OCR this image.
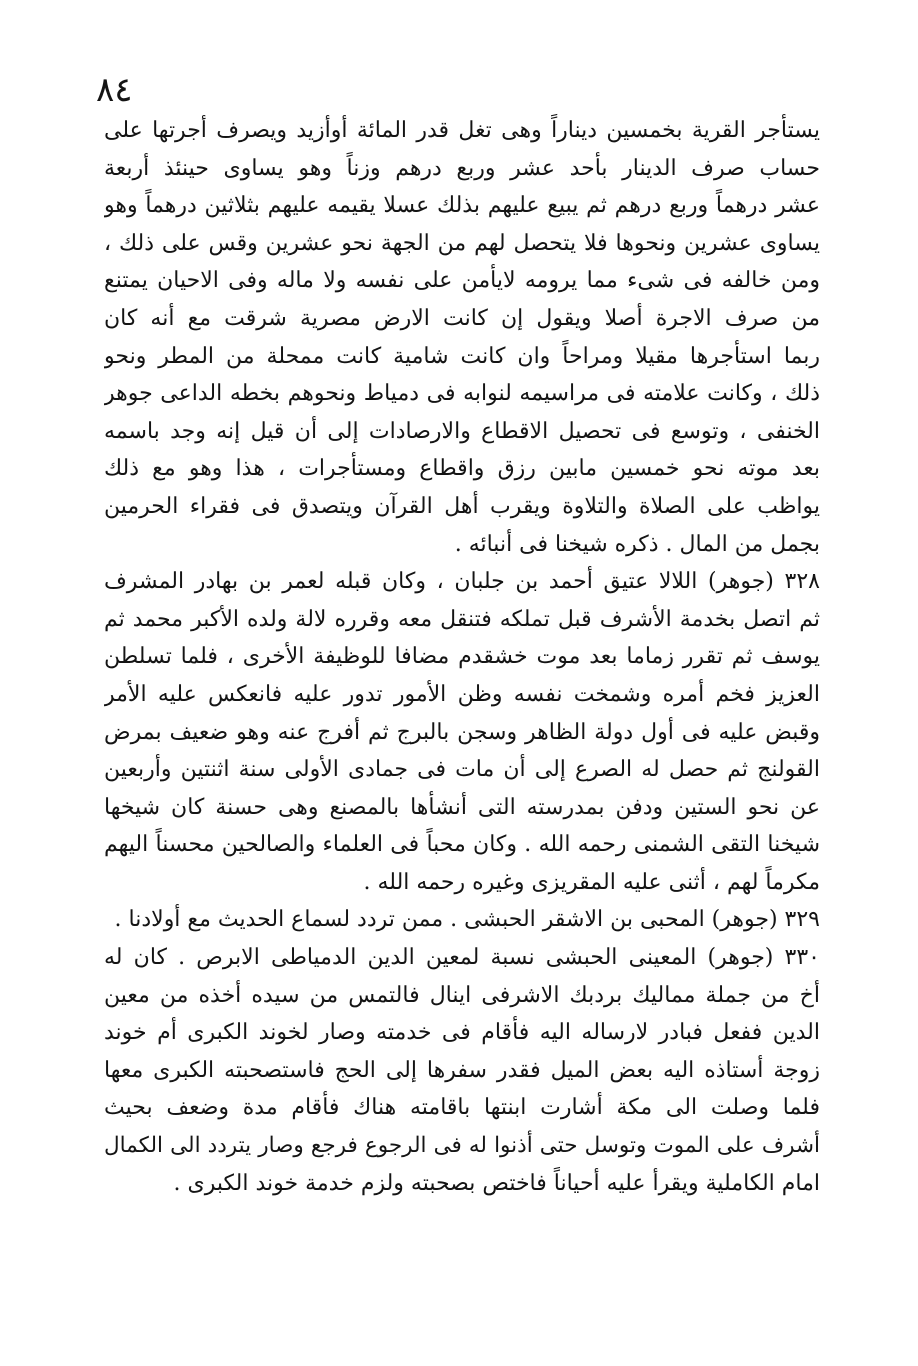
٨٤
يستأجر القرية بخمسين ديناراً وهى تغل قدر المائة أوأزيد ويصرف أجرتها على
حساب صرف الدينار بأحد عشر وربع درهم وزناً وهو يساوى حينئذ أربعة
عشر درهماً وربع درهم ثم يبيع عليهم بذلك عسلا يقيمه عليهم بثلاثين درهماً وهو
يساوى عشرين ونحوها فلا يتحصل لهم من الجهة نحو عشرين وقس على ذلك ،
ومن خالفه فى شىء مما يرومه لايأمن على نفسه ولا ماله وفى الاحيان يمتنع
من صرف الاجرة أصلا ويقول إن كانت الارض مصرية شرقت مع أنه كان
ربما استأجرها مقيلا ومراحاً وان كانت شامية كانت ممحلة من المطر ونحو
ذلك ، وكانت علامته فى مراسيمه لنوابه فى دمياط ونحوهم بخطه الداعى جوهر
الخنفى ، وتوسع فى تحصيل الاقطاع والارصادات إلى أن قيل إنه وجد باسمه
بعد موته نحو خمسين مابين رزق واقطاع ومستأجرات ، هذا وهو مع ذلك
يواظب على الصلاة والتلاوة ويقرب أهل القرآن ويتصدق فى فقراء الحرمين
بجمل من المال . ذكره شيخنا فى أنبائه .
٣٢٨ (جوهر) اللالا عتيق أحمد بن جلبان ، وكان قبله لعمر بن بهادر المشرف
ثم اتصل بخدمة الأشرف قبل تملكه فتنقل معه وقرره لالة ولده الأكبر محمد ثم
يوسف ثم تقرر زماما بعد موت خشقدم مضافا للوظيفة الأخرى ، فلما تسلطن
العزيز فخم أمره وشمخت نفسه وظن الأمور تدور عليه فانعكس عليه الأمر
وقبض عليه فى أول دولة الظاهر وسجن بالبرج ثم أفرج عنه وهو ضعيف بمرض
القولنج ثم حصل له الصرع إلى أن مات فى جمادى الأولى سنة اثنتين وأربعين
عن نحو الستين ودفن بمدرسته التى أنشأها بالمصنع وهى حسنة كان شيخها
شيخنا التقى الشمنى رحمه الله . وكان محباً فى العلماء والصالحين محسناً اليهم
مكرماً لهم ، أثنى عليه المقريزى وغيره رحمه الله .
٣٢٩ (جوهر) المحبى بن الاشقر الحبشى . ممن تردد لسماع الحديث مع أولادنا .
٣٣٠ (جوهر) المعينى الحبشى نسبة لمعين الدين الدمياطى الابرص . كان له
أخ من جملة مماليك بردبك الاشرفى اينال فالتمس من سيده أخذه من معين
الدين ففعل فبادر لارساله اليه فأقام فى خدمته وصار لخوند الكبرى أم خوند
زوجة أستاذه اليه بعض الميل فقدر سفرها إلى الحج فاستصحبته الكبرى معها
فلما وصلت الى مكة أشارت ابنتها باقامته هناك فأقام مدة وضعف بحيث
أشرف على الموت وتوسل حتى أذنوا له فى الرجوع فرجع وصار يتردد الى الكمال
امام الكاملية ويقرأ عليه أحياناً فاختص بصحبته ولزم خدمة خوند الكبرى .
